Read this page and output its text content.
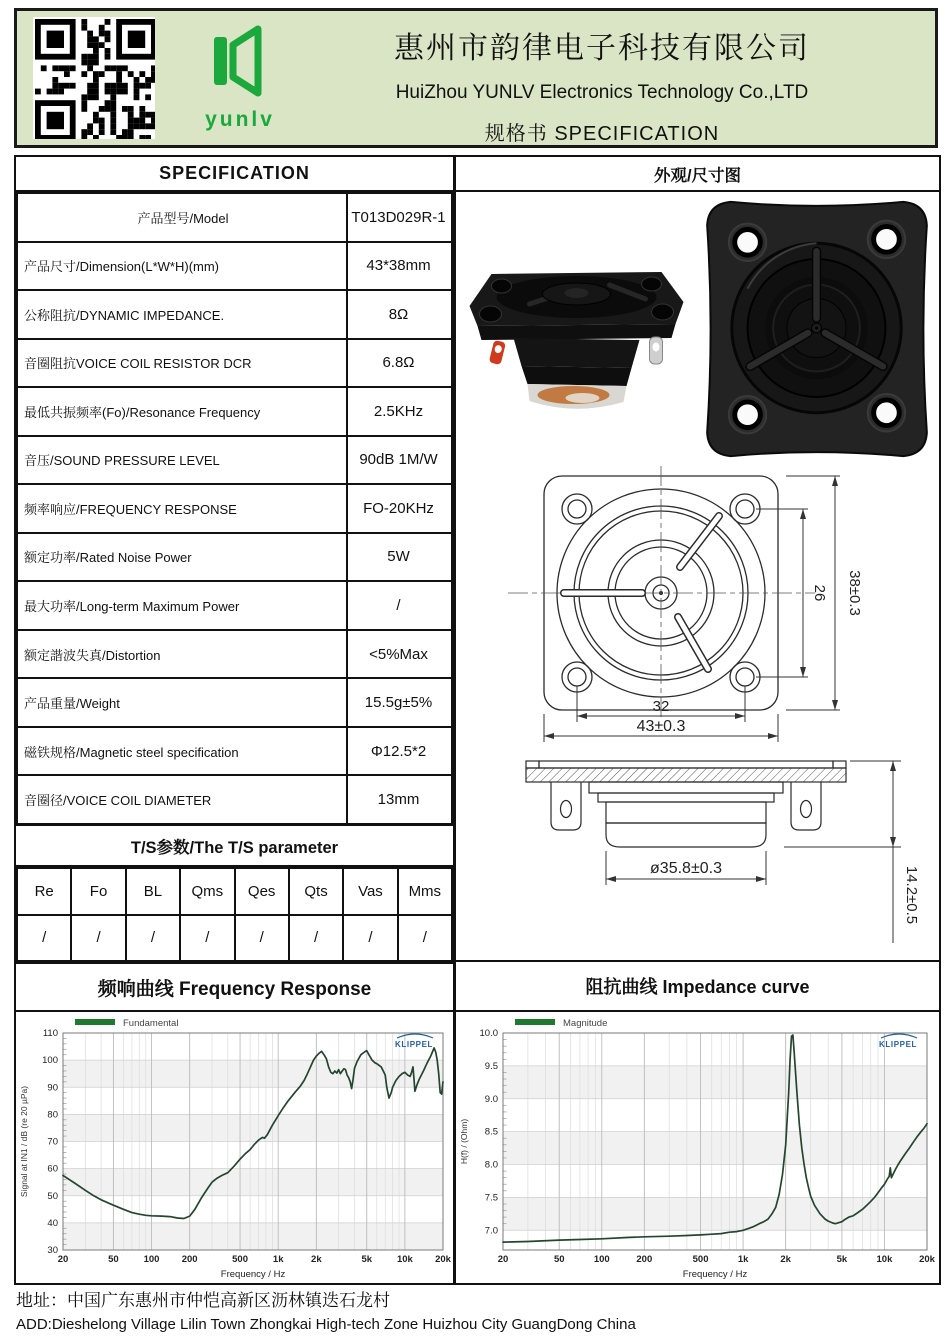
yunlv
惠州市韵律电子科技有限公司
HuiZhou YUNLV Electronics Technology Co.,LTD
规格书 SPECIFICATION
SPECIFICATION
产品型号/Model	T013D029R-1
产品尺寸/Dimension(L*W*H)(mm)	43*38mm
公称阻抗/DYNAMIC IMPEDANCE.	8Ω
音圈阻抗VOICE COIL RESISTOR DCR	6.8Ω
最低共振频率(Fo)/Resonance Frequency	2.5KHz
音压/SOUND PRESSURE LEVEL	90dB 1M/W
频率响应/FREQUENCY RESPONSE	FO-20KHz
额定功率/Rated Noise Power	5W
最大功率/Long-term Maximum Power	/
额定諧波失真/Distortion	<5%Max
产品重量/Weight	15.5g±5%
磁铁规格/Magnetic steel specification	Φ12.5*2
音圈径/VOICE COIL DIAMETER	13mm
T/S参数/The T/S parameter
Re	Fo	BL	Qms	Qes	Qts	Vas	Mms
/	/	/	/	/	/	/	/
频响曲线 Frequency Response
30
40
50
60
70
80
90
100
110
20	50	100 200	500	1k	2k	5k	10k 20k
Frequency / Hz
Signal at IN1 / dB (re 20 µPa)
Fundamental
KLIPPEL
外观/尺寸图
32
43±0.3
26 38±0.3
ø35.8±0.3	14.2±0.5
阻抗曲线 Impedance curve
7.0
7.5
8.0
8.5
9.0
9.5
10.0
20	50	100	200	500	1k	2k	5k	10k	20k
Frequency / Hz
H(f) / (Ohm)
Magnitude
KLIPPEL
地址：中国广东惠州市仲恺高新区沥林镇迭石龙村
ADD:Dieshelong Village Lilin Town Zhongkai High-tech Zone Huizhou City GuangDong China
